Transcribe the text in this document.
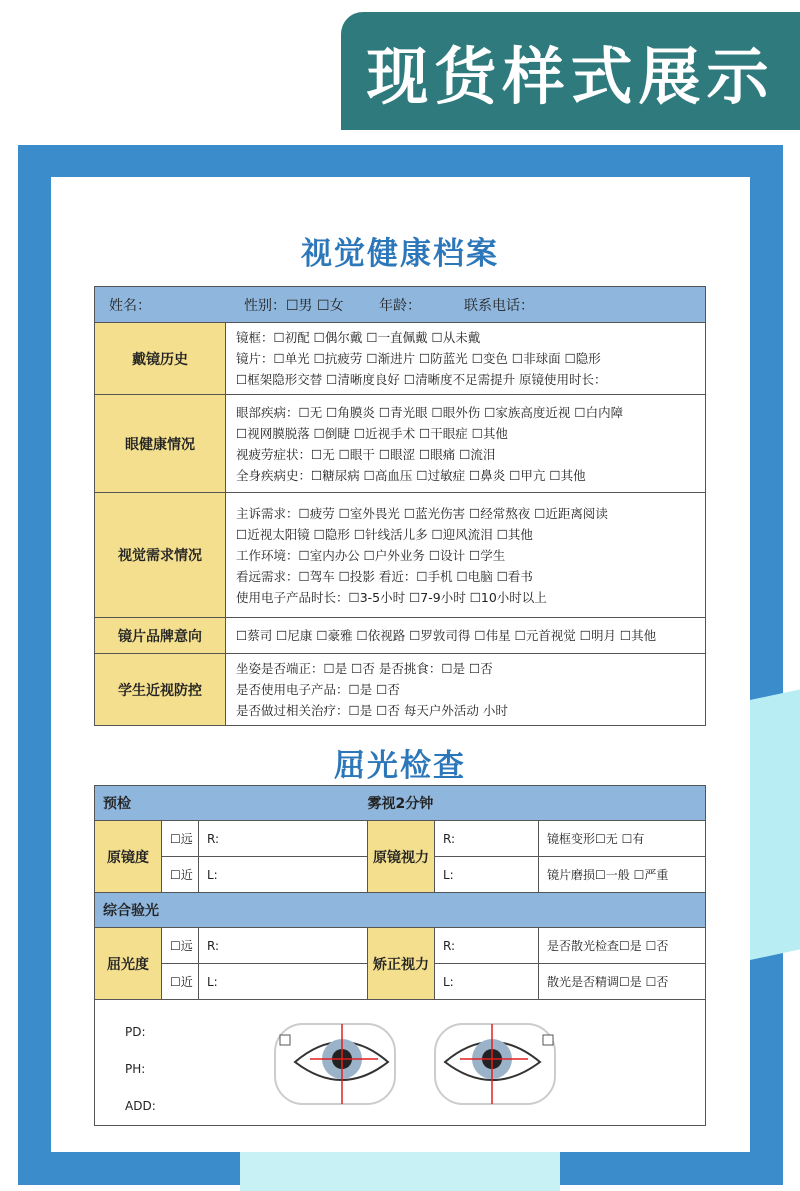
现货样式展示
视觉健康档案
姓名： 性别：☐男 ☐女 年龄： 联系电话：	
戴镜历史	镜框：☐初配 ☐偶尔戴 ☐一直佩戴 ☐从未戴
镜片：☐单光 ☐抗疲劳 ☐渐进片 ☐防蓝光 ☐变色 ☐非球面 ☐隐形
☐框架隐形交替 ☐清晰度良好 ☐清晰度不足需提升 原镜使用时长：

眼健康情况	眼部疾病：☐无 ☐角膜炎 ☐青光眼 ☐眼外伤 ☐家族高度近视 ☐白内障
☐视网膜脱落 ☐倒睫 ☐近视手术 ☐干眼症 ☐其他
视疲劳症状：☐无 ☐眼干 ☐眼涩 ☐眼痛 ☐流泪
全身疾病史：☐糖尿病 ☐高血压 ☐过敏症 ☐鼻炎 ☐甲亢 ☐其他

视觉需求情况	主诉需求：☐疲劳 ☐室外畏光 ☐蓝光伤害 ☐经常熬夜 ☐近距离阅读
☐近视太阳镜 ☐隐形 ☐针线活儿多 ☐迎风流泪 ☐其他
工作环境：☐室内办公 ☐户外业务 ☐设计 ☐学生
看远需求：☐驾车 ☐投影 看近：☐手机 ☐电脑 ☐看书
使用电子产品时长：☐3-5小时 ☐7-9小时 ☐10小时以上

镜片品牌意向	☐蔡司 ☐尼康 ☐豪雅 ☐依视路 ☐罗敦司得 ☐伟星 ☐元首视觉 ☐明月 ☐其他

学生近视防控	坐姿是否端正：☐是 ☐否 是否挑食：☐是 ☐否
是否使用电子产品：☐是 ☐否
是否做过相关治疗：☐是 ☐否 每天户外活动 小时
屈光检查
预检			雾视2分钟		
原镜度	☐远	R:	原镜视力	R:	镜框变形☐无 ☐有
	☐近	L:		L:	镜片磨损☐一般 ☐严重
综合验光					
屈光度	☐远	R:	矫正视力	R:	是否散光检查☐是 ☐否
	☐近	L:		L:	散光是否精调☐是 ☐否

PD:
PH:
ADD:					
